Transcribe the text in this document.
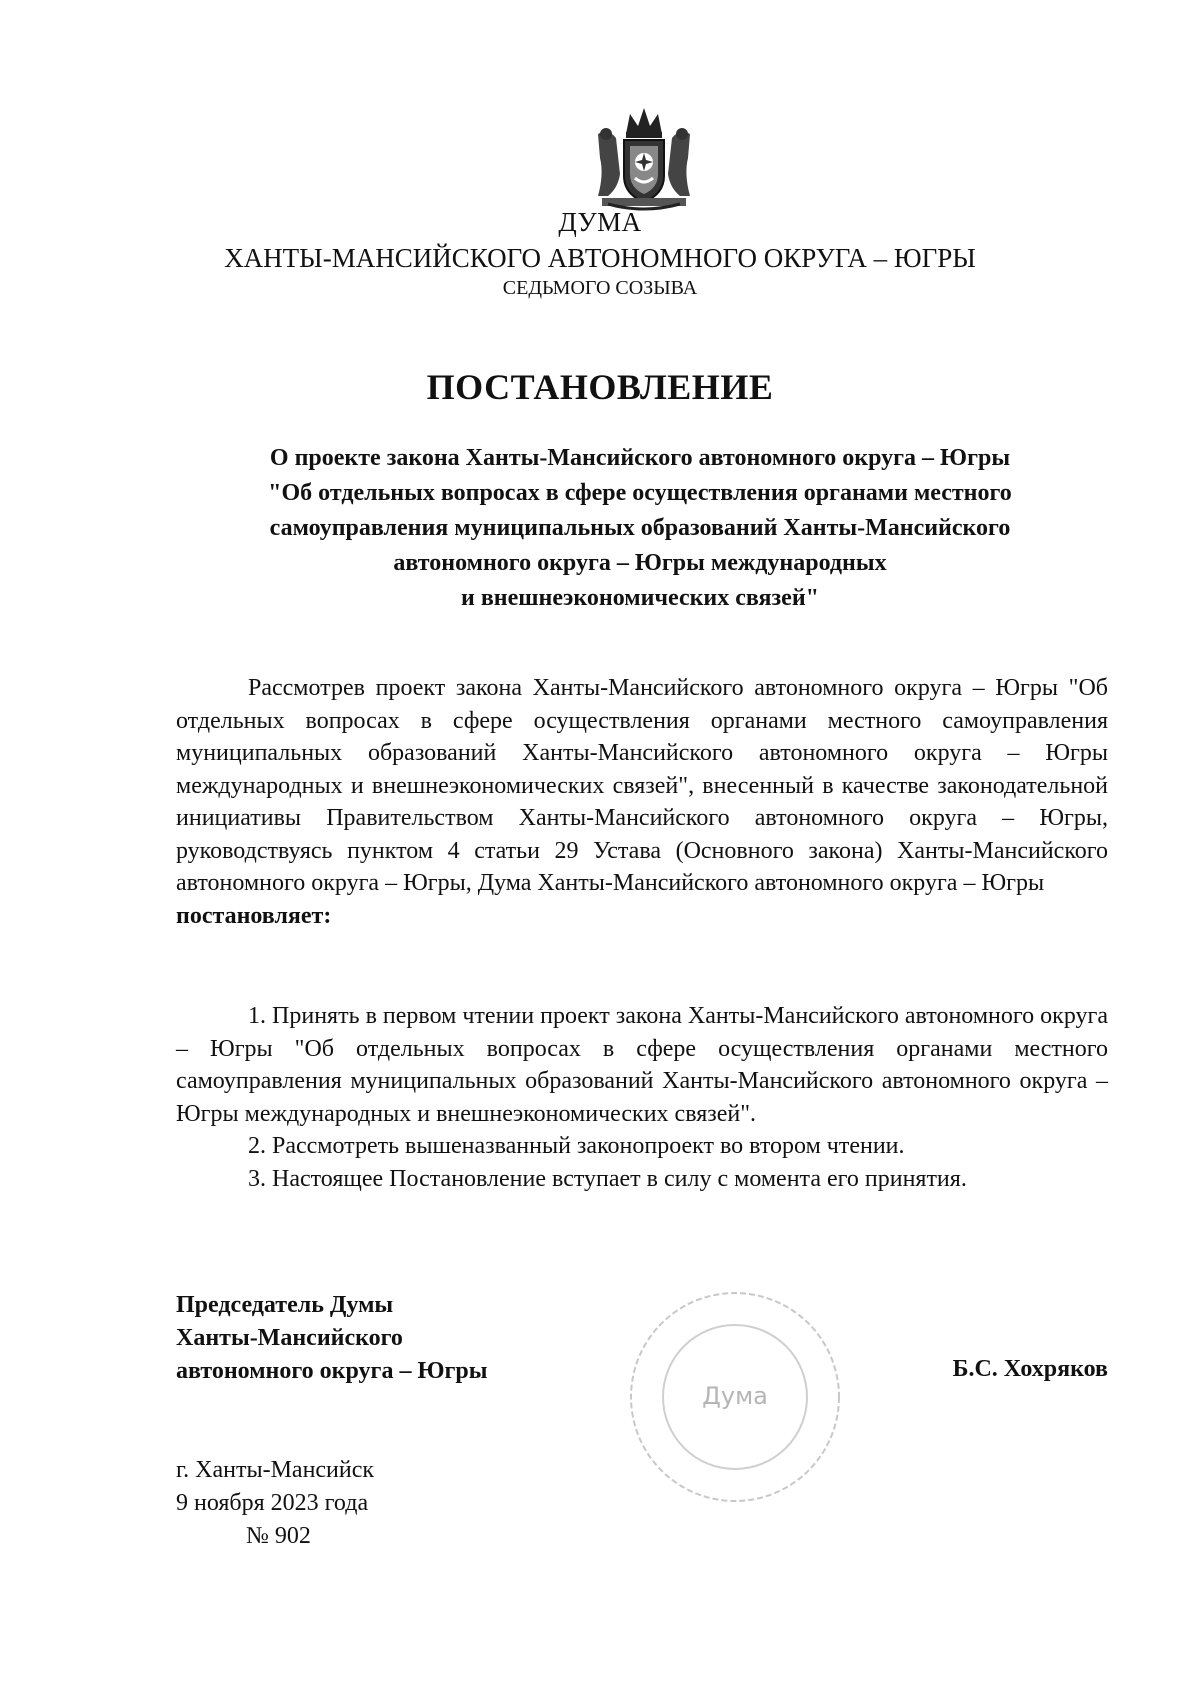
ДУМА
ХАНТЫ-МАНСИЙСКОГО АВТОНОМНОГО ОКРУГА – ЮГРЫ
СЕДЬМОГО СОЗЫВА
ПОСТАНОВЛЕНИЕ
О проекте закона Ханты-Мансийского автономного округа – Югры
"Об отдельных вопросах в сфере осуществления органами местного
самоуправления муниципальных образований Ханты-Мансийского
автономного округа – Югры международных
и внешнеэкономических связей"
Рассмотрев проект закона Ханты-Мансийского автономного округа – Югры "Об отдельных вопросах в сфере осуществления органами местного самоуправления муниципальных образований Ханты-Мансийского автономного округа – Югры международных и внешнеэкономических связей", внесенный в качестве законодательной инициативы Правительством Ханты-Мансийского автономного округа – Югры, руководствуясь пунктом 4 статьи 29 Устава (Основного закона) Ханты-Мансийского автономного округа – Югры, Дума Ханты-Мансийского автономного округа – Югры
постановляет:
1. Принять в первом чтении проект закона Ханты-Мансийского автономного округа – Югры "Об отдельных вопросах в сфере осуществления органами местного самоуправления муниципальных образований Ханты-Мансийского автономного округа – Югры международных и внешнеэкономических связей".
2. Рассмотреть вышеназванный законопроект во втором чтении.
3. Настоящее Постановление вступает в силу с момента его принятия.
Председатель Думы
Ханты-Мансийского
автономного округа – Югры
Дума
Б.С. Хохряков
г. Ханты-Мансийск
9 ноября 2023 года
№ 902
